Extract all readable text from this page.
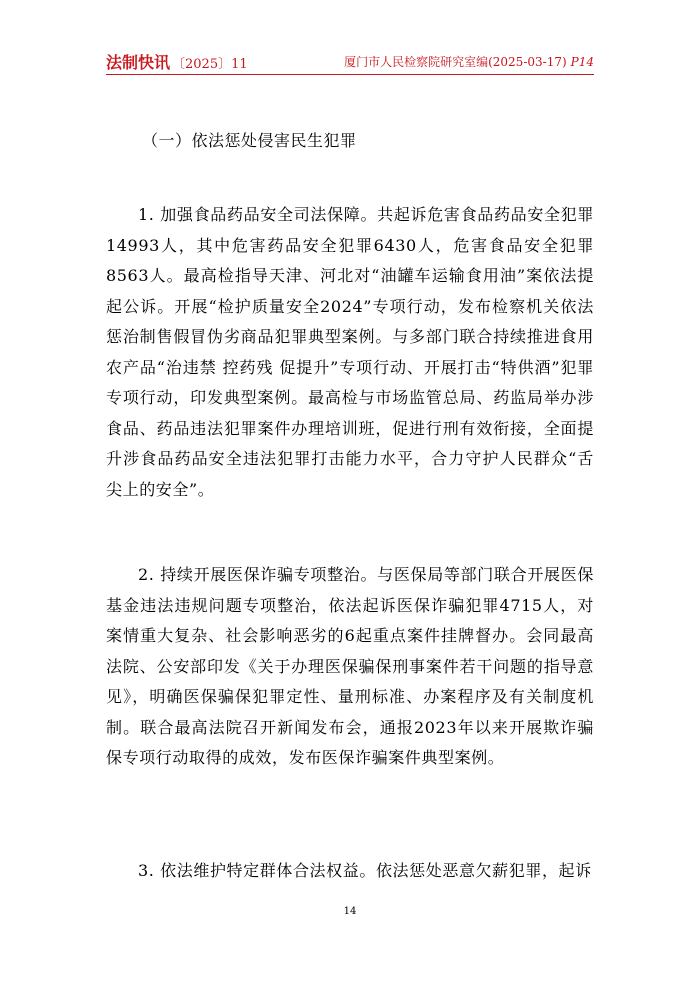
法制快讯 〔2025〕11	厦门市人民检察院研究室编(2025-03-17) P14
（一）依法惩处侵害民生犯罪

1. 加强食品药品安全司法保障。共起诉危害食品药品安全犯罪14993人，其中危害药品安全犯罪6430人，危害食品安全犯罪8563人。最高检指导天津、河北对“油罐车运输食用油”案依法提起公诉。开展“检护质量安全2024”专项行动，发布检察机关依法惩治制售假冒伪劣商品犯罪典型案例。与多部门联合持续推进食用农产品“治违禁 控药残 促提升”专项行动、开展打击“特供酒”犯罪专项行动，印发典型案例。最高检与市场监管总局、药监局举办涉食品、药品违法犯罪案件办理培训班，促进行刑有效衔接，全面提升涉食品药品安全违法犯罪打击能力水平，合力守护人民群众“舌尖上的安全”。

2. 持续开展医保诈骗专项整治。与医保局等部门联合开展医保基金违法违规问题专项整治，依法起诉医保诈骗犯罪4715人，对案情重大复杂、社会影响恶劣的6起重点案件挂牌督办。会同最高法院、公安部印发《关于办理医保骗保刑事案件若干问题的指导意见》，明确医保骗保犯罪定性、量刑标准、办案程序及有关制度机制。联合最高法院召开新闻发布会，通报2023年以来开展欺诈骗保专项行动取得的成效，发布医保诈骗案件典型案例。

3. 依法维护特定群体合法权益。依法惩处恶意欠薪犯罪，起诉

14
